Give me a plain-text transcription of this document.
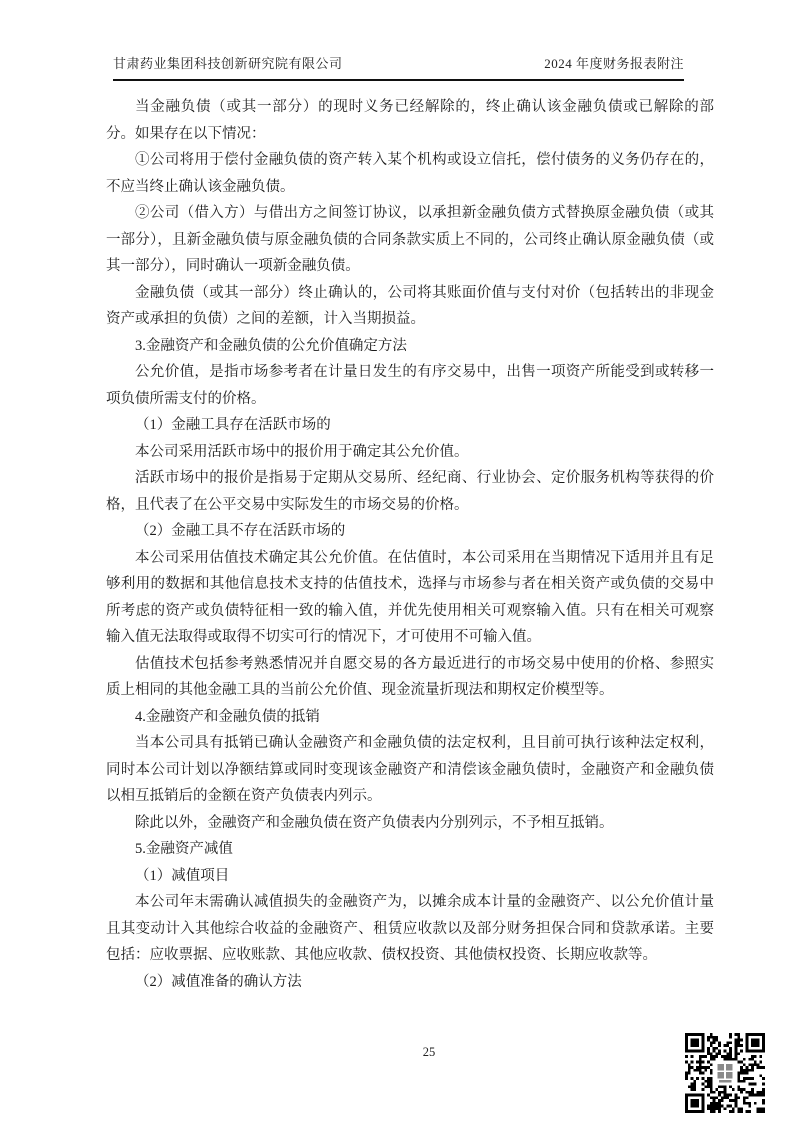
甘肃药业集团科技创新研究院有限公司	2024 年度财务报表附注

当金融负债（或其一部分）的现时义务已经解除的，终止确认该金融负债或已解除的部分。如果存在以下情况：

①公司将用于偿付金融负债的资产转入某个机构或设立信托，偿付债务的义务仍存在的，不应当终止确认该金融负债。

②公司（借入方）与借出方之间签订协议，以承担新金融负债方式替换原金融负债（或其一部分），且新金融负债与原金融负债的合同条款实质上不同的，公司终止确认原金融负债（或其一部分），同时确认一项新金融负债。

金融负债（或其一部分）终止确认的，公司将其账面价值与支付对价（包括转出的非现金资产或承担的负债）之间的差额，计入当期损益。

3.金融资产和金融负债的公允价值确定方法

公允价值，是指市场参考者在计量日发生的有序交易中，出售一项资产所能受到或转移一项负债所需支付的价格。

（1）金融工具存在活跃市场的

本公司采用活跃市场中的报价用于确定其公允价值。

活跃市场中的报价是指易于定期从交易所、经纪商、行业协会、定价服务机构等获得的价格，且代表了在公平交易中实际发生的市场交易的价格。

（2）金融工具不存在活跃市场的

本公司采用估值技术确定其公允价值。在估值时，本公司采用在当期情况下适用并且有足够利用的数据和其他信息技术支持的估值技术，选择与市场参与者在相关资产或负债的交易中所考虑的资产或负债特征相一致的输入值，并优先使用相关可观察输入值。只有在相关可观察输入值无法取得或取得不切实可行的情况下，才可使用不可输入值。

估值技术包括参考熟悉情况并自愿交易的各方最近进行的市场交易中使用的价格、参照实质上相同的其他金融工具的当前公允价值、现金流量折现法和期权定价模型等。

4.金融资产和金融负债的抵销

当本公司具有抵销已确认金融资产和金融负债的法定权利，且目前可执行该种法定权利，同时本公司计划以净额结算或同时变现该金融资产和清偿该金融负债时，金融资产和金融负债以相互抵销后的金额在资产负债表内列示。

除此以外，金融资产和金融负债在资产负债表内分别列示，不予相互抵销。

5.金融资产减值

（1）减值项目

本公司年末需确认减值损失的金融资产为，以摊余成本计量的金融资产、以公允价值计量且其变动计入其他综合收益的金融资产、租赁应收款以及部分财务担保合同和贷款承诺。主要包括：应收票据、应收账款、其他应收款、债权投资、其他债权投资、长期应收款等。

（2）减值准备的确认方法

25
